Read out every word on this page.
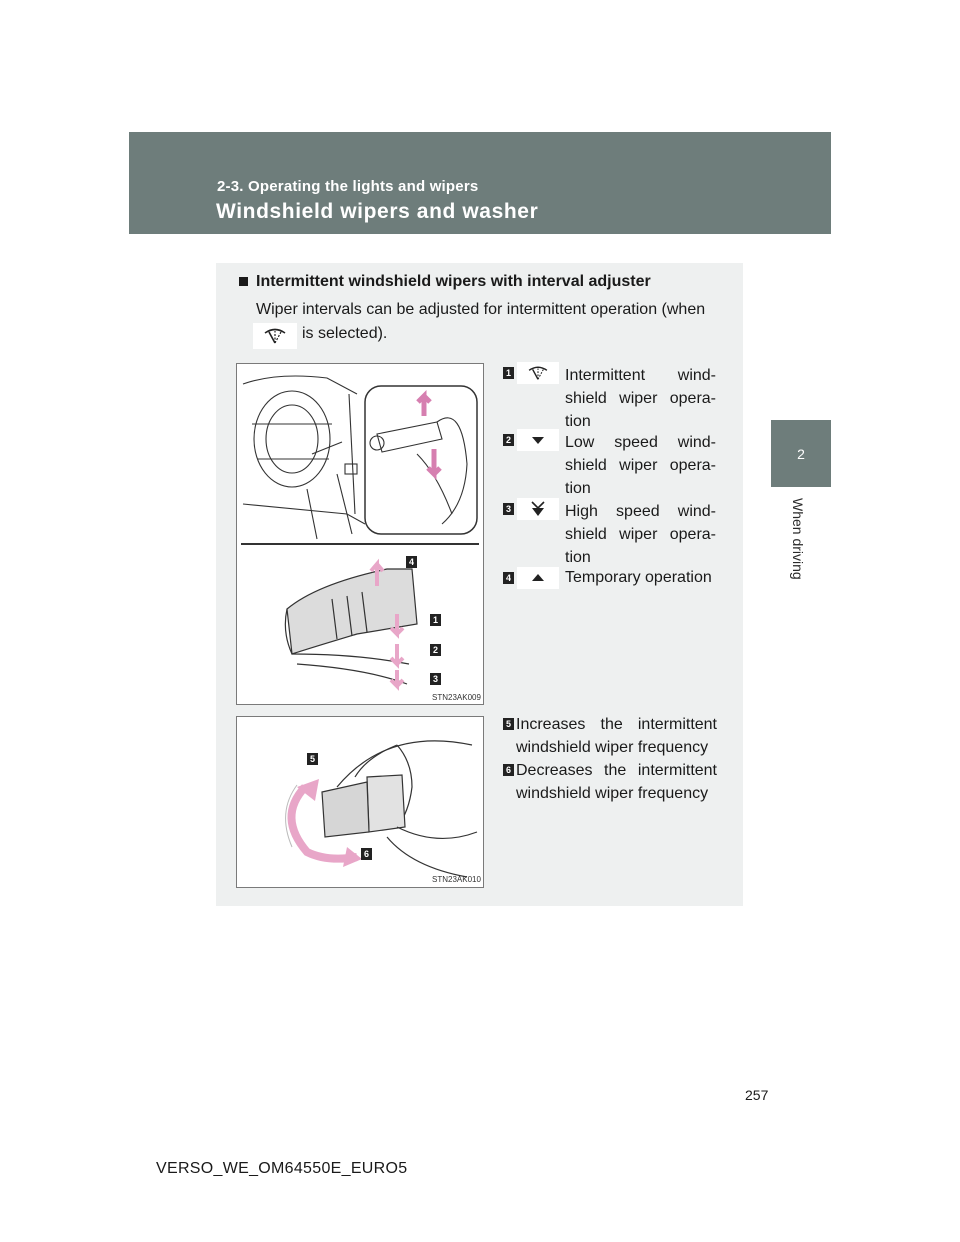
2-3. Operating the lights and wipers
Windshield wipers and washer
2
When driving
Intermittent windshield wipers with interval adjuster
Wiper intervals can be adjusted for intermittent operation (when
is selected).
4
1
2
3
STN23AK009
1	Intermittent wind-shield wiper opera-tion
2	Low speed wind-shield wiper opera-tion
3	High speed wind-shield wiper opera-tion
4	Temporary operation
5
6
STN23AK010
5 Increases the intermittent windshield wiper frequency
6 Decreases the intermittent windshield wiper frequency
257
VERSO_WE_OM64550E_EURO5
